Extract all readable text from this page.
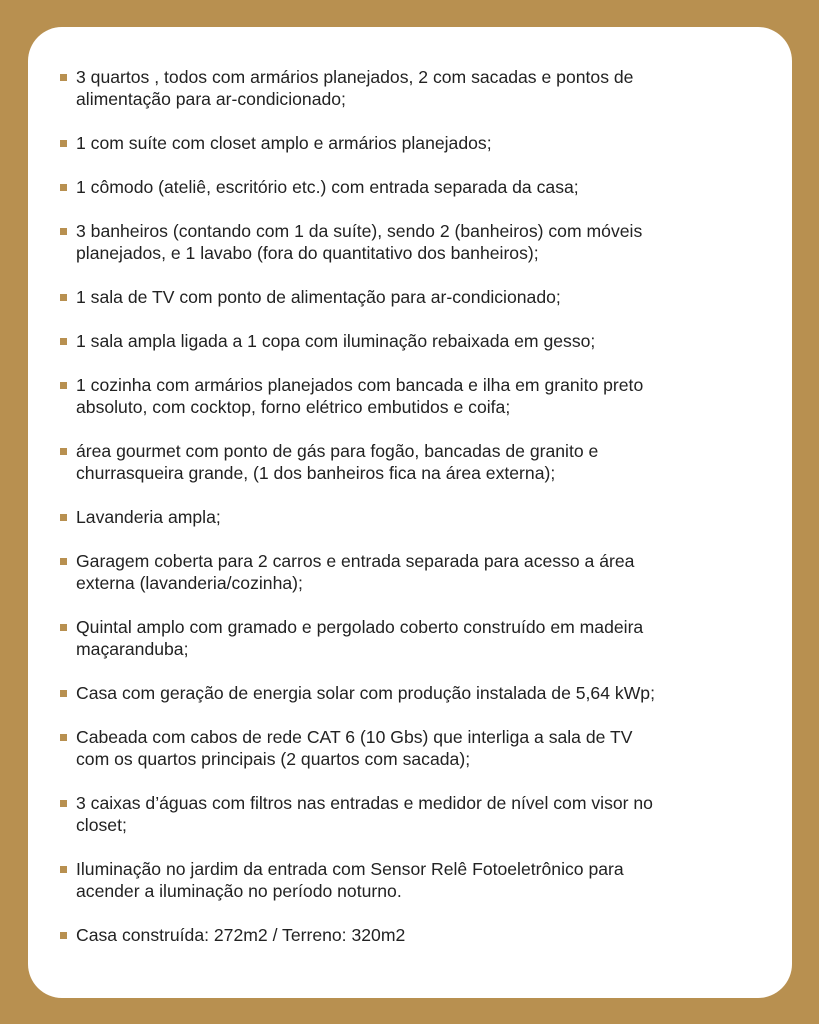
3 quartos , todos com armários planejados, 2 com sacadas e pontos de
alimentação para ar-condicionado;
1 com suíte com closet amplo e armários planejados;
1 cômodo (ateliê, escritório etc.) com entrada separada da casa;
3 banheiros (contando com 1 da suíte), sendo 2 (banheiros) com móveis
planejados, e 1 lavabo (fora do quantitativo dos banheiros);
1 sala de TV com ponto de alimentação para ar-condicionado;
1 sala ampla ligada a 1 copa com iluminação rebaixada em gesso;
1 cozinha com armários planejados com bancada e ilha em granito preto
absoluto, com cocktop, forno elétrico embutidos e coifa;
área gourmet com ponto de gás para fogão, bancadas de granito e
churrasqueira grande, (1 dos banheiros fica na área externa);
Lavanderia ampla;
Garagem coberta para 2 carros e entrada separada para acesso a área
externa (lavanderia/cozinha);
Quintal amplo com gramado e pergolado coberto construído em madeira
maçaranduba;
Casa com geração de energia solar com produção instalada de 5,64 kWp;
Cabeada com cabos de rede CAT 6 (10 Gbs) que interliga a sala de TV
com os quartos principais (2 quartos com sacada);
3 caixas d’águas com filtros nas entradas e medidor de nível com visor no
closet;
Iluminação no jardim da entrada com Sensor Relê Fotoeletrônico para
acender a iluminação no período noturno.
Casa construída: 272m2 / Terreno: 320m2
